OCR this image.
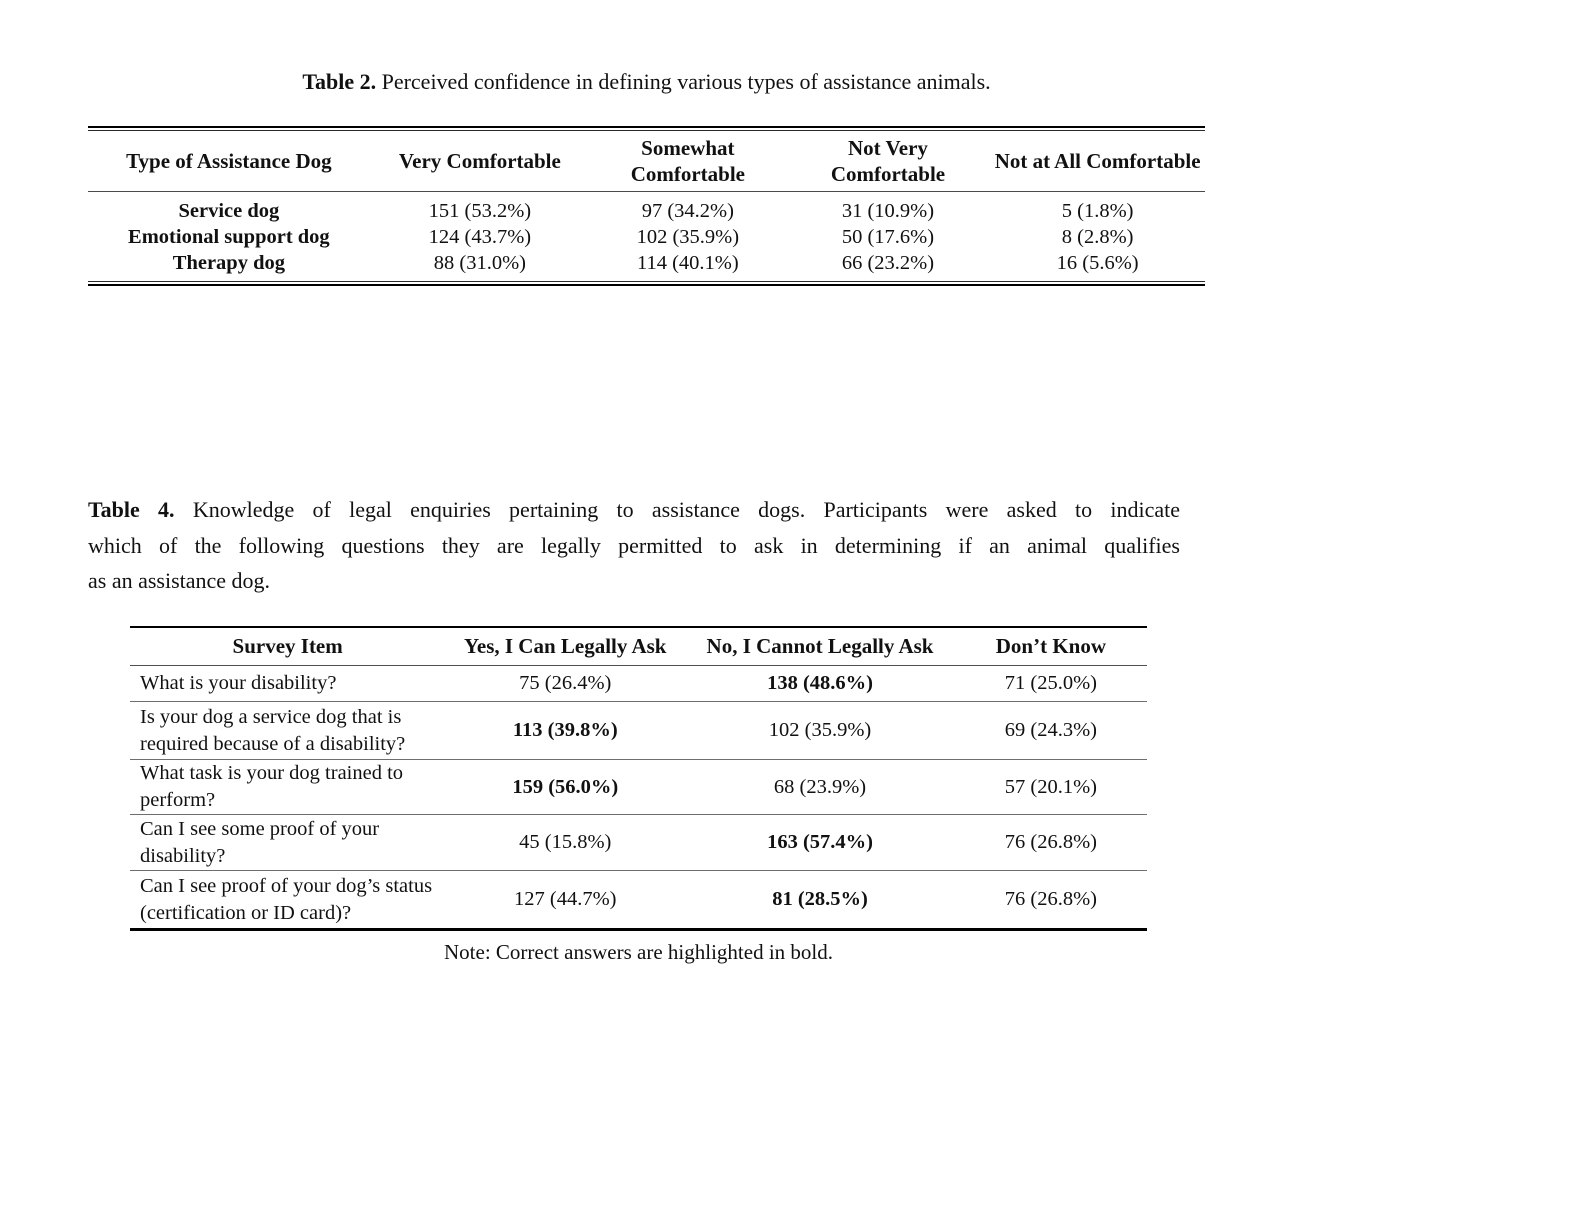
Table 2. Perceived confidence in defining various types of assistance animals.
Type of Assistance Dog	Very Comfortable	Somewhat Comfortable	Not Very Comfortable	Not at All Comfortable
Service dog	151 (53.2%)	97 (34.2%)	31 (10.9%)	5 (1.8%)
Emotional support dog	124 (43.7%)	102 (35.9%)	50 (17.6%)	8 (2.8%)
Therapy dog	88 (31.0%)	114 (40.1%)	66 (23.2%)	16 (5.6%)
Table 4. Knowledge of legal enquiries pertaining to assistance dogs. Participants were asked to indicate
which of the following questions they are legally permitted to ask in determining if an animal qualifies
as an assistance dog.
Survey Item	Yes, I Can Legally Ask	No, I Cannot Legally Ask	Don’t Know
What is your disability?	75 (26.4%)	138 (48.6%)	71 (25.0%)
Is your dog a service dog that is required because of a disability?	113 (39.8%)	102 (35.9%)	69 (24.3%)
What task is your dog trained to perform?	159 (56.0%)	68 (23.9%)	57 (20.1%)
Can I see some proof of your disability?	45 (15.8%)	163 (57.4%)	76 (26.8%)
Can I see proof of your dog’s status (certification or ID card)?	127 (44.7%)	81 (28.5%)	76 (26.8%)
Note: Correct answers are highlighted in bold.
